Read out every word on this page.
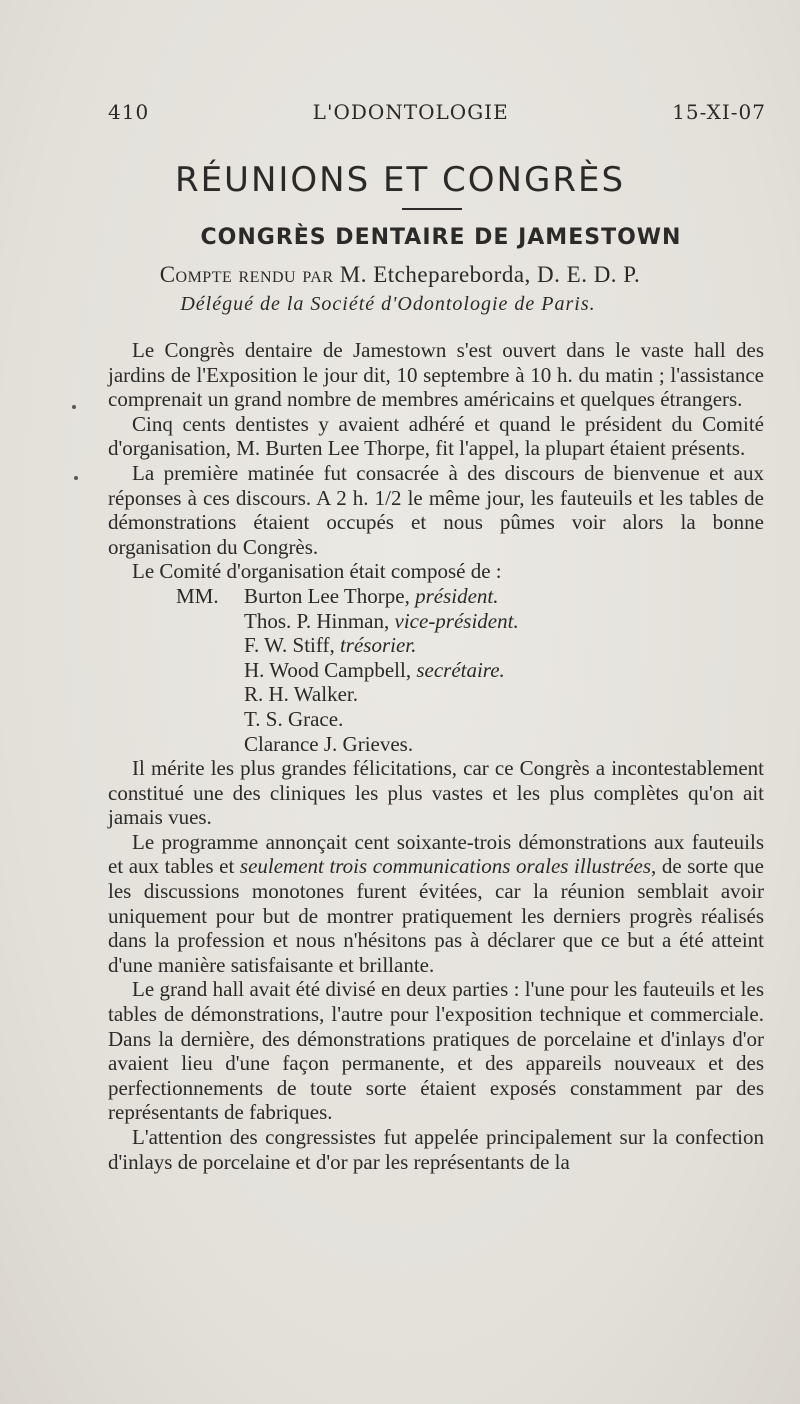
410	L'ODONTOLOGIE	15-XI-07
RÉUNIONS ET CONGRÈS
CONGRÈS DENTAIRE DE JAMESTOWN
Compte rendu par M. Etchepareborda, D. E. D. P.
Délégué de la Société d'Odontologie de Paris.

Le Congrès dentaire de Jamestown s'est ouvert dans le vaste hall des jardins de l'Exposition le jour dit, 10 septembre à 10 h. du matin ; l'assistance comprenait un grand nombre de membres américains et quelques étrangers.

Cinq cents dentistes y avaient adhéré et quand le président du Comité d'organisation, M. Burten Lee Thorpe, fit l'appel, la plupart étaient présents.

La première matinée fut consacrée à des discours de bienvenue et aux réponses à ces discours. A 2 h. 1/2 le même jour, les fauteuils et les tables de démonstrations étaient occupés et nous pûmes voir alors la bonne organisation du Congrès.

Le Comité d'organisation était composé de :

MM. Burton Lee Thorpe, président.
Thos. P. Hinman, vice-président.
F. W. Stiff, trésorier.
H. Wood Campbell, secrétaire.
R. H. Walker.
T. S. Grace.
Clarance J. Grieves.

Il mérite les plus grandes félicitations, car ce Congrès a incontestablement constitué une des cliniques les plus vastes et les plus complètes qu'on ait jamais vues.

Le programme annonçait cent soixante-trois démonstrations aux fauteuils et aux tables et seulement trois communications orales illustrées, de sorte que les discussions monotones furent évitées, car la réunion semblait avoir uniquement pour but de montrer pratiquement les derniers progrès réalisés dans la profession et nous n'hésitons pas à déclarer que ce but a été atteint d'une manière satisfaisante et brillante.

Le grand hall avait été divisé en deux parties : l'une pour les fauteuils et les tables de démonstrations, l'autre pour l'exposition technique et commerciale. Dans la dernière, des démonstrations pratiques de porcelaine et d'inlays d'or avaient lieu d'une façon permanente, et des appareils nouveaux et des perfectionnements de toute sorte étaient exposés constamment par des représentants de fabriques.

L'attention des congressistes fut appelée principalement sur la confection d'inlays de porcelaine et d'or par les représentants de la
